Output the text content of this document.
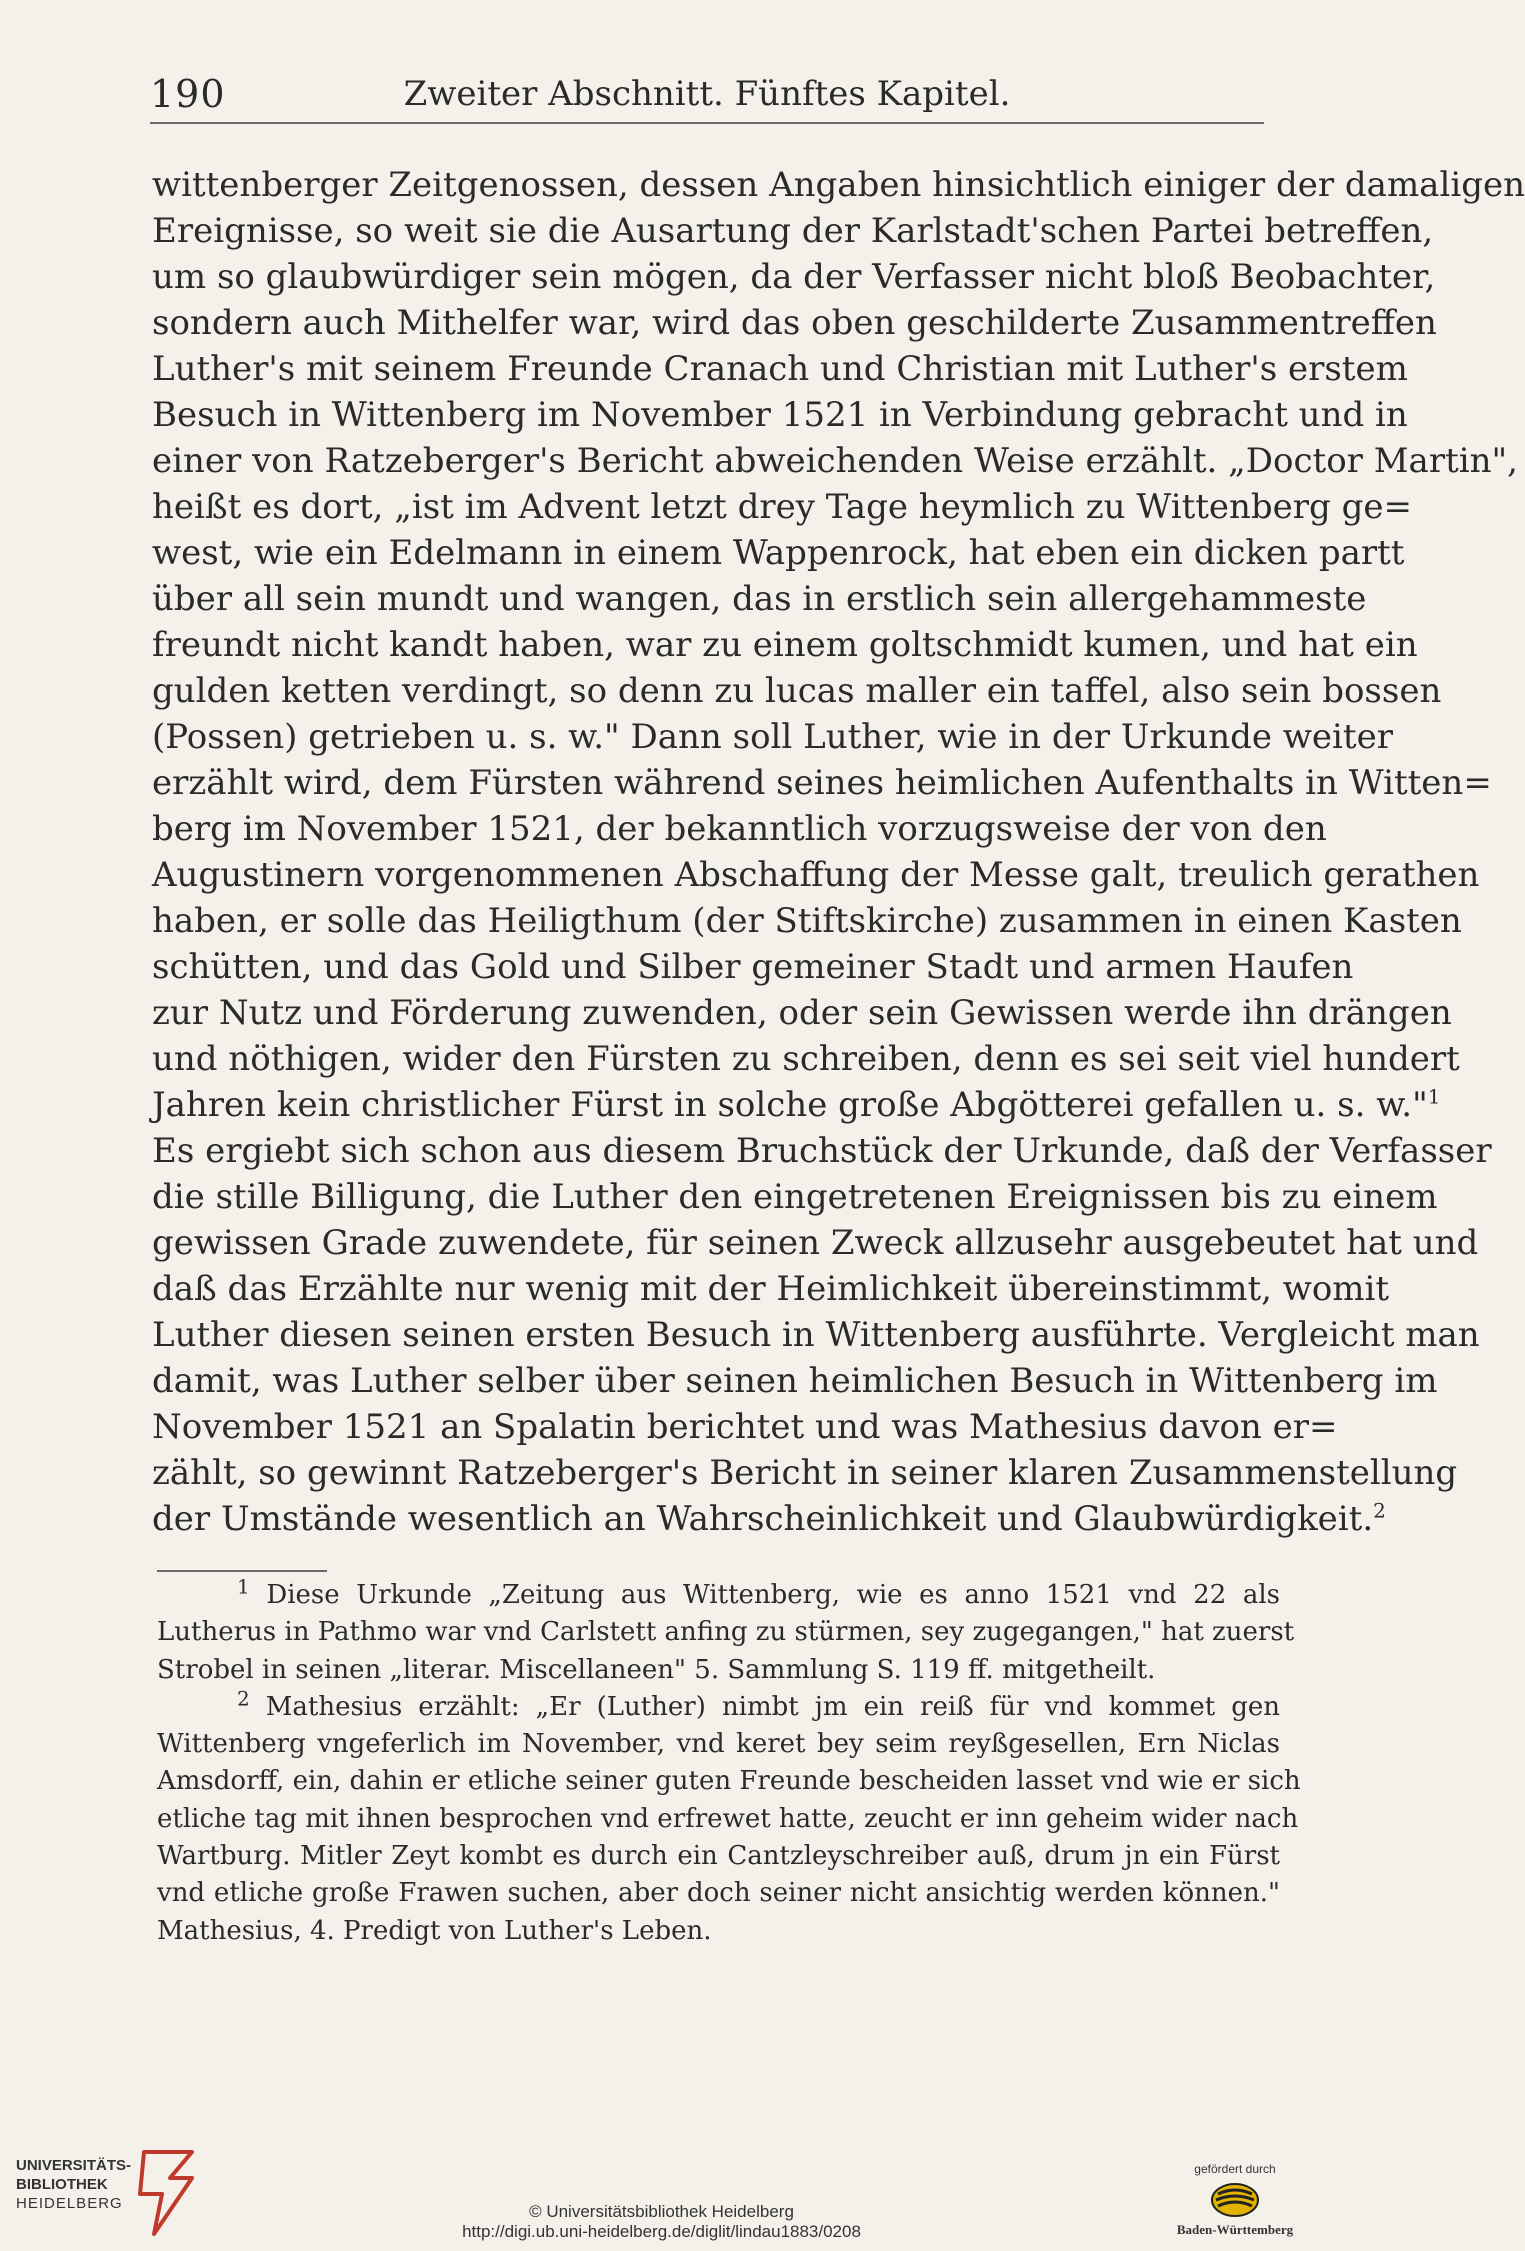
190	Zweiter Abschnitt. Fünftes Kapitel.
wittenberger Zeitgenossen, dessen Angaben hinsichtlich einiger der damaligen
Ereignisse, so weit sie die Ausartung der Karlstadt'schen Partei betreffen,
um so glaubwürdiger sein mögen, da der Verfasser nicht bloß Beobachter,
sondern auch Mithelfer war, wird das oben geschilderte Zusammentreffen
Luther's mit seinem Freunde Cranach und Christian mit Luther's erstem
Besuch in Wittenberg im November 1521 in Verbindung gebracht und in
einer von Ratzeberger's Bericht abweichenden Weise erzählt. „Doctor Martin",
heißt es dort, „ist im Advent letzt drey Tage heymlich zu Wittenberg ge=
west, wie ein Edelmann in einem Wappenrock, hat eben ein dicken partt
über all sein mundt und wangen, das in erstlich sein allergehammeste
freundt nicht kandt haben, war zu einem goltschmidt kumen, und hat ein
gulden ketten verdingt, so denn zu lucas maller ein taffel, also sein bossen
(Possen) getrieben u. s. w." Dann soll Luther, wie in der Urkunde weiter
erzählt wird, dem Fürsten während seines heimlichen Aufenthalts in Witten=
berg im November 1521, der bekanntlich vorzugsweise der von den
Augustinern vorgenommenen Abschaffung der Messe galt, treulich gerathen
haben, er solle das Heiligthum (der Stiftskirche) zusammen in einen Kasten
schütten, und das Gold und Silber gemeiner Stadt und armen Haufen
zur Nutz und Förderung zuwenden, oder sein Gewissen werde ihn drängen
und nöthigen, wider den Fürsten zu schreiben, denn es sei seit viel hundert
Jahren kein christlicher Fürst in solche große Abgötterei gefallen u. s. w."$^1$
Es ergiebt sich schon aus diesem Bruchstück der Urkunde, daß der Verfasser
die stille Billigung, die Luther den eingetretenen Ereignissen bis zu einem
gewissen Grade zuwendete, für seinen Zweck allzusehr ausgebeutet hat und
daß das Erzählte nur wenig mit der Heimlichkeit übereinstimmt, womit
Luther diesen seinen ersten Besuch in Wittenberg ausführte. Vergleicht man
damit, was Luther selber über seinen heimlichen Besuch in Wittenberg im
November 1521 an Spalatin berichtet und was Mathesius davon er=
zählt, so gewinnt Ratzeberger's Bericht in seiner klaren Zusammenstellung
der Umstände wesentlich an Wahrscheinlichkeit und Glaubwürdigkeit.$^2$
$^1$ Diese Urkunde „Zeitung aus Wittenberg, wie es anno 1521 vnd 22 als
Lutherus in Pathmo war vnd Carlstett anfing zu stürmen, sey zugegangen," hat zuerst
Strobel in seinen „literar. Miscellaneen" 5. Sammlung S. 119 ff. mitgetheilt.
$^2$ Mathesius erzählt: „Er (Luther) nimbt jm ein reiß für vnd kommet gen
Wittenberg vngeferlich im November, vnd keret bey seim reyßgesellen, Ern Niclas
Amsdorff, ein, dahin er etliche seiner guten Freunde bescheiden lasset vnd wie er sich
etliche tag mit ihnen besprochen vnd erfrewet hatte, zeucht er inn geheim wider nach
Wartburg. Mitler Zeyt kombt es durch ein Cantzleyschreiber auß, drum jn ein Fürst
vnd etliche große Frawen suchen, aber doch seiner nicht ansichtig werden können."
Mathesius, 4. Predigt von Luther's Leben.
UNIVERSITÄTS-
BIBLIOTHEK
HEIDELBERG	© Universitätsbibliothek Heidelberg
http://digi.ub.uni-heidelberg.de/diglit/lindau1883/0208
gefördert durch
Baden-Württemberg
